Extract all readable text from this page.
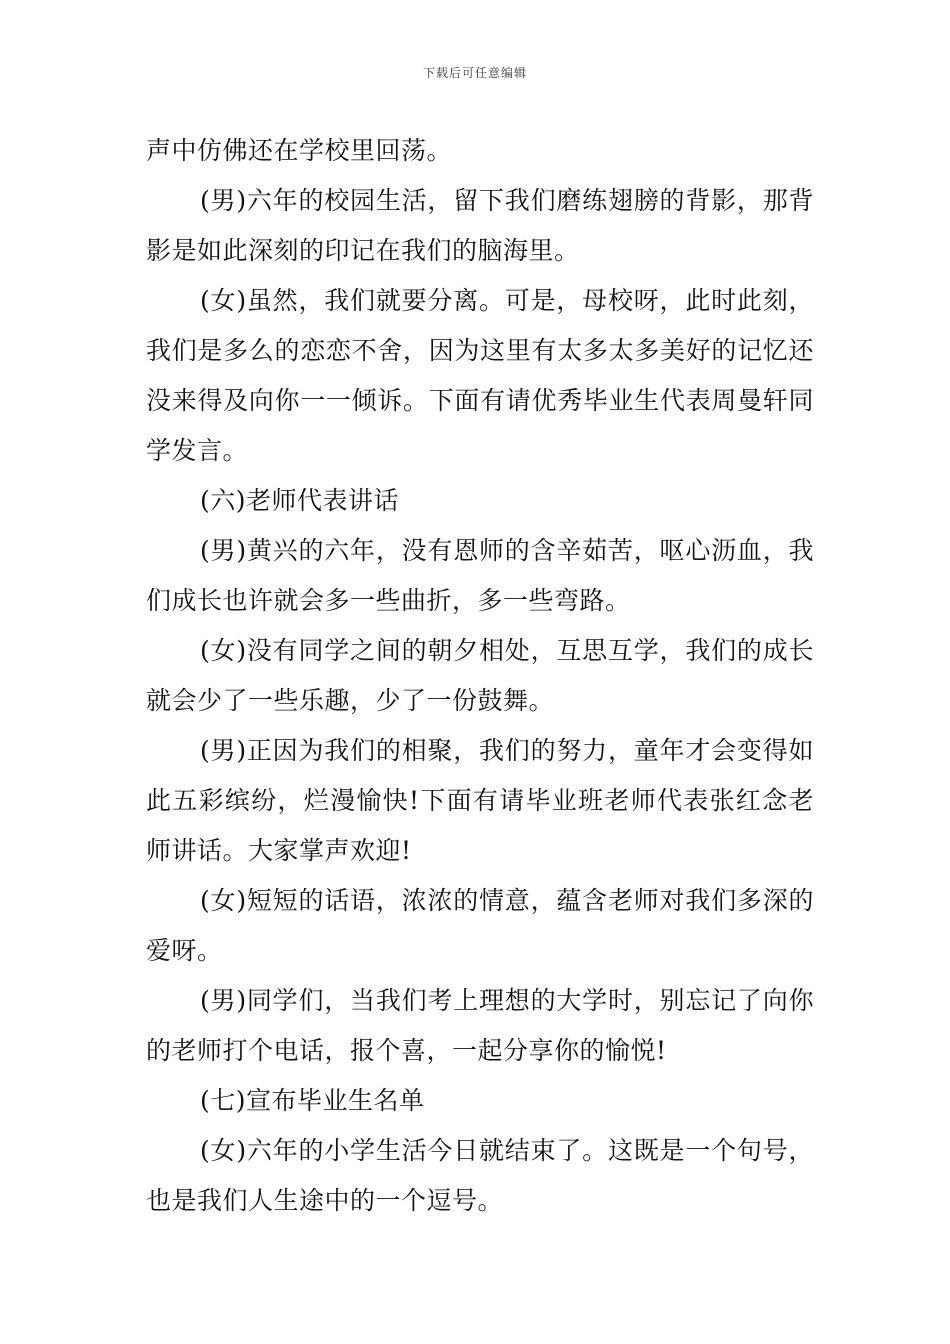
下载后可任意编辑

声中仿佛还在学校里回荡。

(男)六年的校园生活，留下我们磨练翅膀的背影，那背影是如此深刻的印记在我们的脑海里。

(女)虽然，我们就要分离。可是，母校呀，此时此刻，我们是多么的恋恋不舍，因为这里有太多太多美好的记忆还没来得及向你一一倾诉。下面有请优秀毕业生代表周曼轩同学发言。

(六)老师代表讲话

(男)黄兴的六年，没有恩师的含辛茹苦，呕心沥血，我们成长也许就会多一些曲折，多一些弯路。

(女)没有同学之间的朝夕相处，互思互学，我们的成长就会少了一些乐趣，少了一份鼓舞。

(男)正因为我们的相聚，我们的努力，童年才会变得如此五彩缤纷，烂漫愉快!下面有请毕业班老师代表张红念老师讲话。大家掌声欢迎!

(女)短短的话语，浓浓的情意，蕴含老师对我们多深的爱呀。

(男)同学们，当我们考上理想的大学时，别忘记了向你的老师打个电话，报个喜，一起分享你的愉悦!

(七)宣布毕业生名单

(女)六年的小学生活今日就结束了。这既是一个句号，也是我们人生途中的一个逗号。
